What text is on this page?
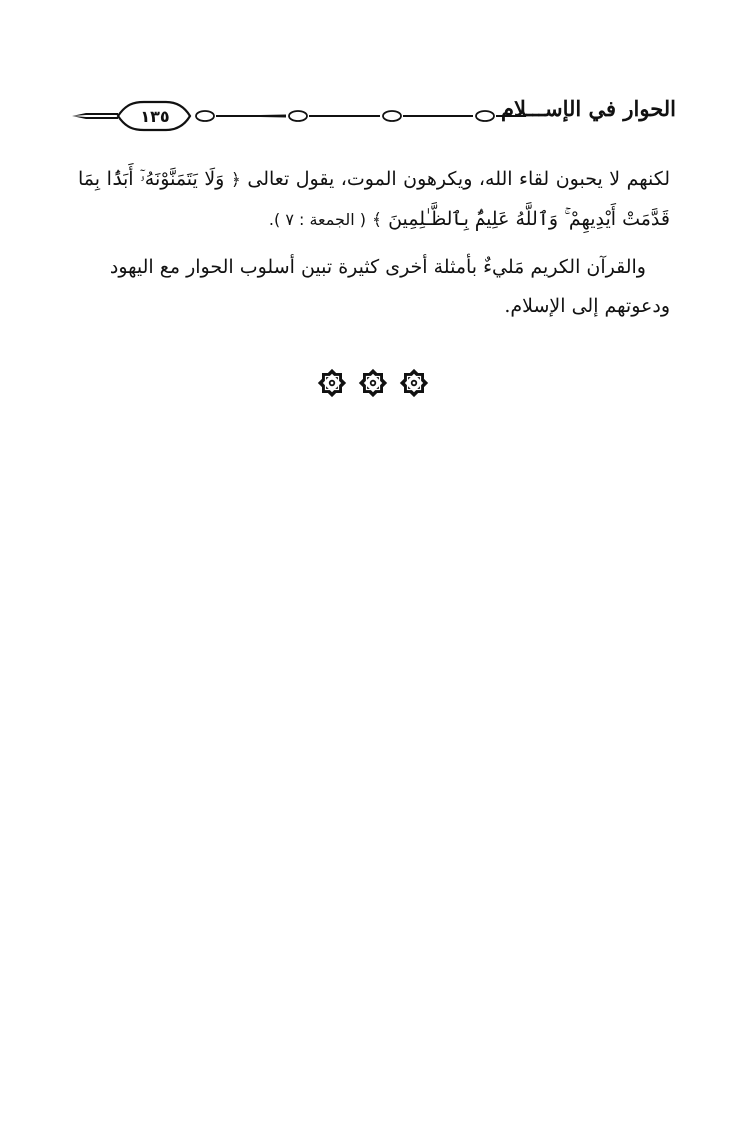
الحوار في الإســـلام
١٣٥

لكنهم لا يحبون لقاء الله، ويكرهون الموت، يقول تعالى ﴿ وَلَا يَتَمَنَّوْنَهُۥٓ أَبَدًۢا بِمَا قَدَّمَتْ أَيْدِيهِمْ ۚ وَٱللَّهُ عَلِيمٌۢ بِٱلظَّـٰلِمِينَ ﴾ ( الجمعة : ٧ ).

والقرآن الكريم مَليءٌ بأمثلة أخرى كثيرة تبين أسلوب الحوار مع اليهود
ودعوتهم إلى الإسلام.
